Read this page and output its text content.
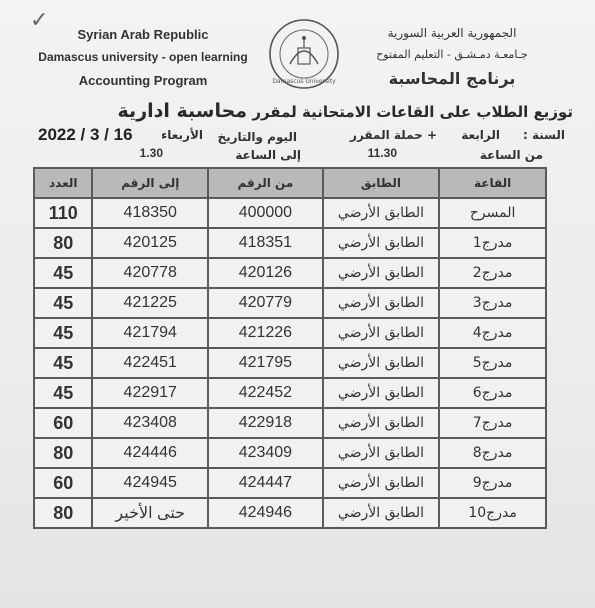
✓
Syrian Arab Republic
Damascus university - open learning
Accounting Program	Damascus University
الجمهورية العربية السورية
جـامعـة دمـشـق - التعليم المفتوح
برنامج المحاسبة
توزيع الطلاب على القاعات الامتحانية لمقرر محاسبة ادارية
السنة :
الرابعة
+ حملة المقرر
اليوم والتاريخ
الأربعاء
2022 / 3 / 16
من الساعة
11.30
إلى الساعة
1.30
القاعة	الطابق	من الرقم	إلى الرقم	العدد
المسرح	الطابق الأرضي	400000	418350	110
مدرج1	الطابق الأرضي	418351	420125	80
مدرج2	الطابق الأرضي	420126	420778	45
مدرج3	الطابق الأرضي	420779	421225	45
مدرج4	الطابق الأرضي	421226	421794	45
مدرج5	الطابق الأرضي	421795	422451	45
مدرج6	الطابق الأرضي	422452	422917	45
مدرج7	الطابق الأرضي	422918	423408	60
مدرج8	الطابق الأرضي	423409	424446	80
مدرج9	الطابق الأرضي	424447	424945	60
مدرج10	الطابق الأرضي	424946	حتى الأخير	80
